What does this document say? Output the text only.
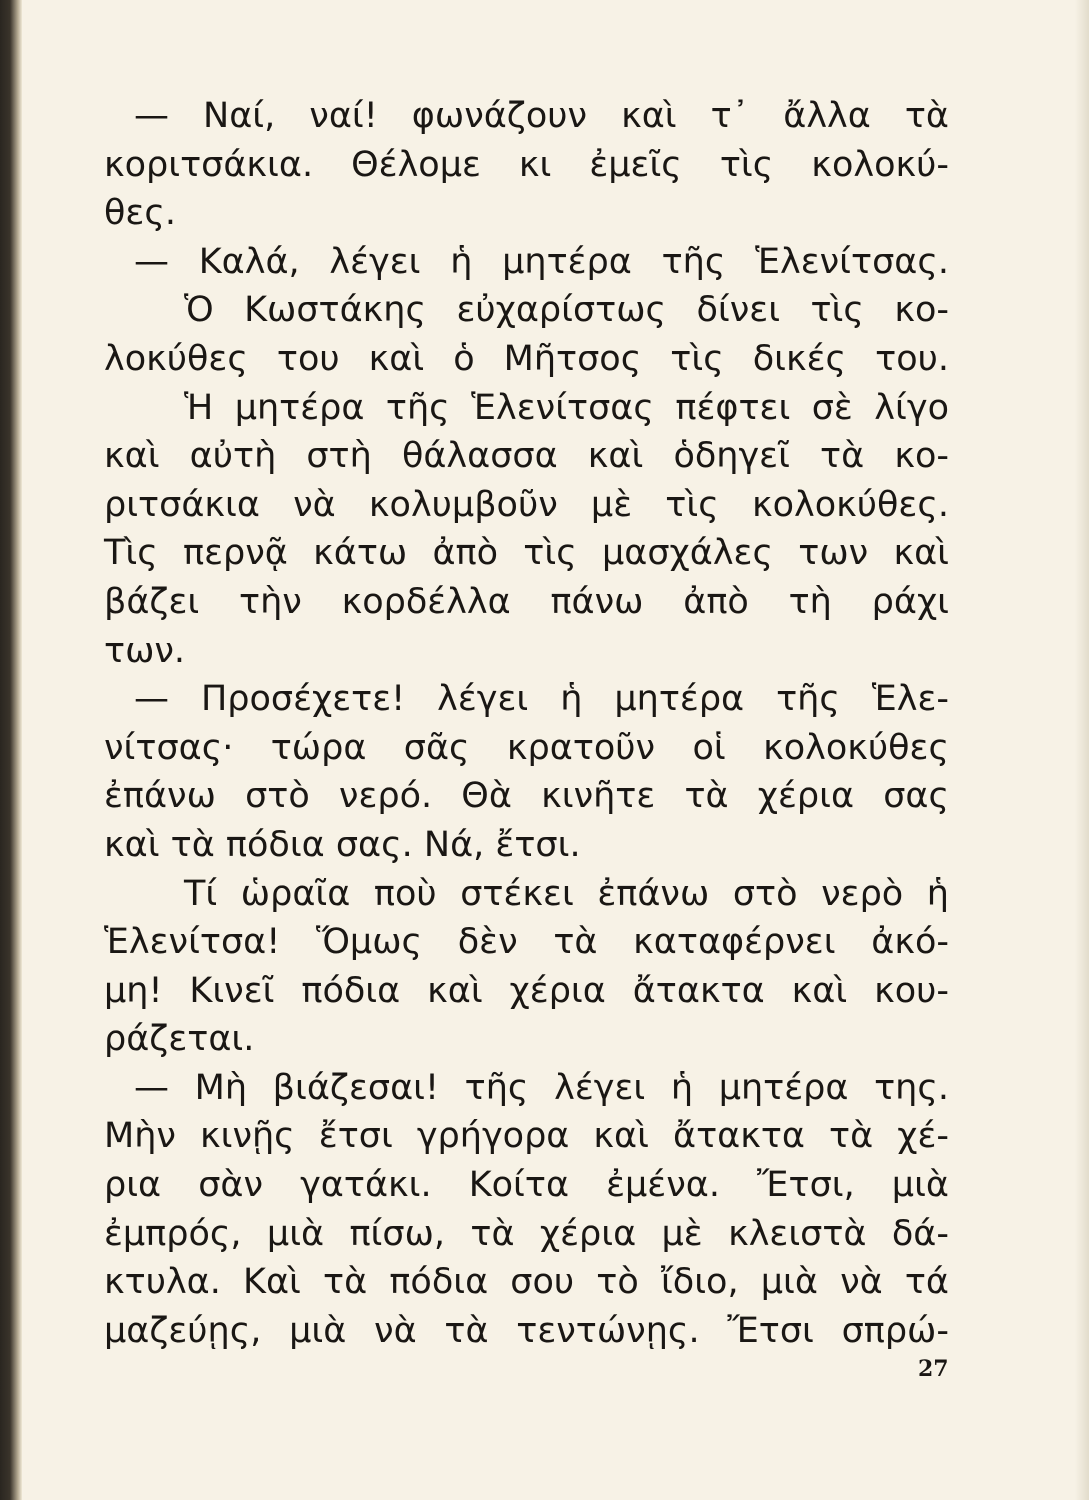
— Ναί, ναί! φωνάζουν καὶ τ᾽ ἄλλα τὰ
κοριτσάκια. Θέλομε κι ἐμεῖς τὶς κολοκύ-
θες.
— Καλά, λέγει ἡ μητέρα τῆς Ἑλενίτσας.
Ὁ Κωστάκης εὐχαρίστως δίνει τὶς κο-
λοκύθες του καὶ ὁ Μῆτσος τὶς δικές του.
Ἡ μητέρα τῆς Ἑλενίτσας πέφτει σὲ λίγο
καὶ αὐτὴ στὴ θάλασσα καὶ ὁδηγεῖ τὰ κο-
ριτσάκια νὰ κολυμβοῦν μὲ τὶς κολοκύθες.
Τὶς περνᾷ κάτω ἀπὸ τὶς μασχάλες των καὶ
βάζει τὴν κορδέλλα πάνω ἀπὸ τὴ ράχι
των.
— Προσέχετε! λέγει ἡ μητέρα τῆς Ἑλε-
νίτσας· τώρα σᾶς κρατοῦν οἱ κολοκύθες
ἐπάνω στὸ νερό. Θὰ κινῆτε τὰ χέρια σας
καὶ τὰ πόδια σας. Νά, ἔτσι.
Τί ὡραῖα ποὺ στέκει ἐπάνω στὸ νερὸ ἡ
Ἑλενίτσα! Ὅμως δὲν τὰ καταφέρνει ἀκό-
μη! Κινεῖ πόδια καὶ χέρια ἄτακτα καὶ κου-
ράζεται.
— Μὴ βιάζεσαι! τῆς λέγει ἡ μητέρα της.
Μὴν κινῇς ἔτσι γρήγορα καὶ ἄτακτα τὰ χέ-
ρια σὰν γατάκι. Κοίτα ἐμένα. Ἔτσι, μιὰ
ἐμπρός, μιὰ πίσω, τὰ χέρια μὲ κλειστὰ δά-
κτυλα. Καὶ τὰ πόδια σου τὸ ἴδιο, μιὰ νὰ τά
μαζεύῃς, μιὰ νὰ τὰ τεντώνῃς. Ἔτσι σπρώ-
27
